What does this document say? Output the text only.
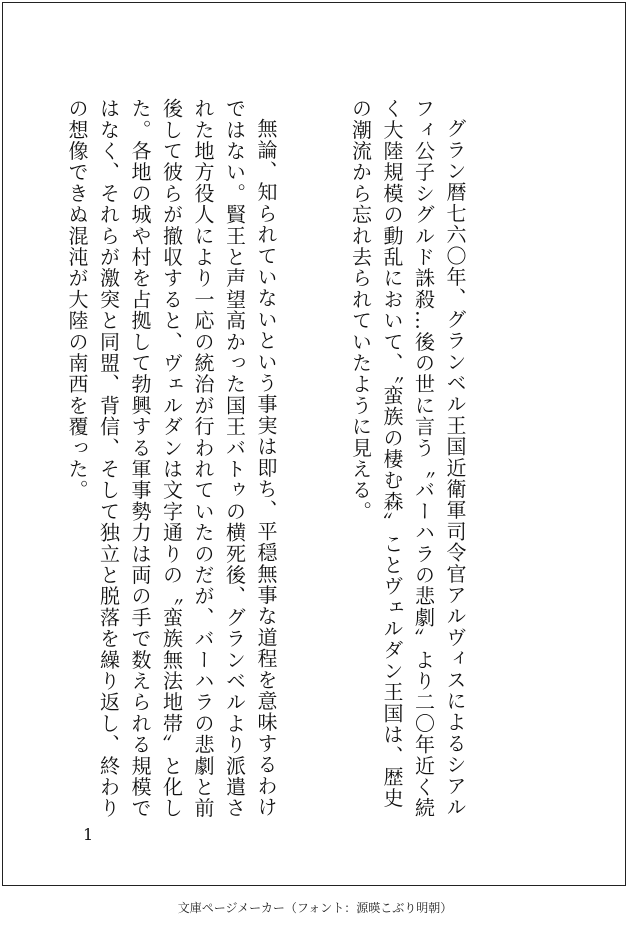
グラン暦七六〇年、グランベル王国近衛軍司令官アルヴィスによるシアルフィ公子シグルド誅殺…後の世に言う〝バーハラの悲劇〟より二〇年近く続く大陸規模の動乱において、〝蛮族の棲む森〟ことヴェルダン王国は、歴史の潮流から忘れ去られていたように見える。

無論、知られていないという事実は即ち、平穏無事な道程を意味するわけではない。賢王と声望高かった国王バトゥの横死後、グランベルより派遣された地方役人により一応の統治が行われていたのだが、バーハラの悲劇と前後して彼らが撤収すると、ヴェルダンは文字通りの〝蛮族無法地帯〟と化した。各地の城や村を占拠して勃興する軍事勢力は両の手で数えられる規模ではなく、それらが激突と同盟、背信、そして独立と脱落を繰り返し、終わりの想像できぬ混沌が大陸の南西を覆った。

1
文庫ページメーカー（フォント：源暎こぶり明朝）
